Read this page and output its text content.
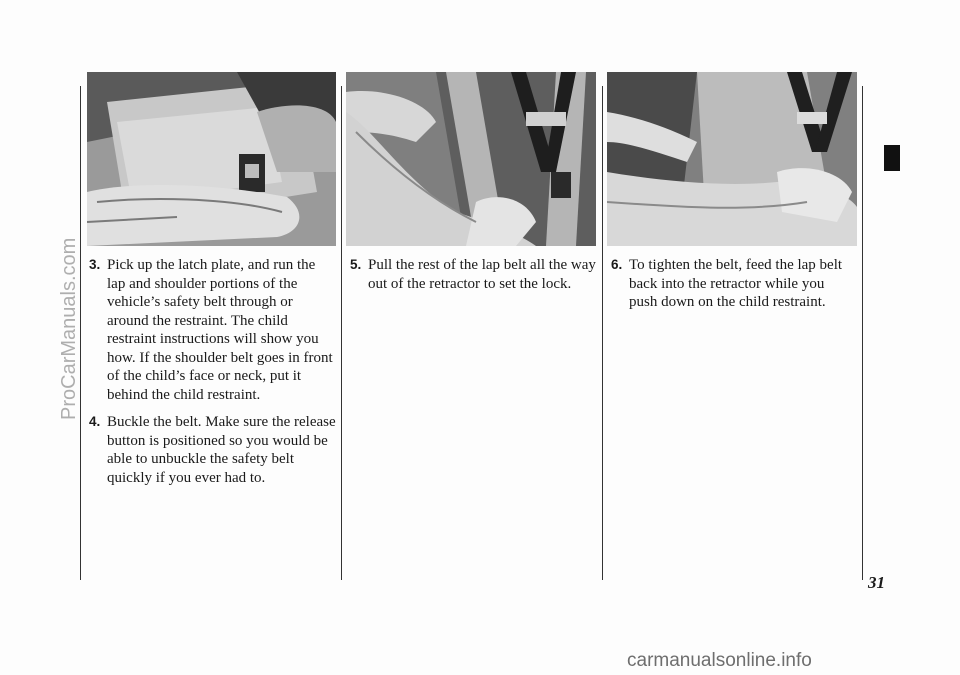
3. Pick up the latch plate, and run the lap and shoulder portions of the vehicle’s safety belt through or around the restraint. The child restraint instructions will show you how. If the shoulder belt goes in front of the child’s face or neck, put it behind the child restraint.
4. Buckle the belt. Make sure the release button is positioned so you would be able to unbuckle the safety belt quickly if you ever had to.
5. Pull the rest of the lap belt all the way out of the retractor to set the lock.
6. To tighten the belt, feed the lap belt back into the retractor while you push down on the child restraint.
31
ProCarManuals.com
carmanualsonline.info
